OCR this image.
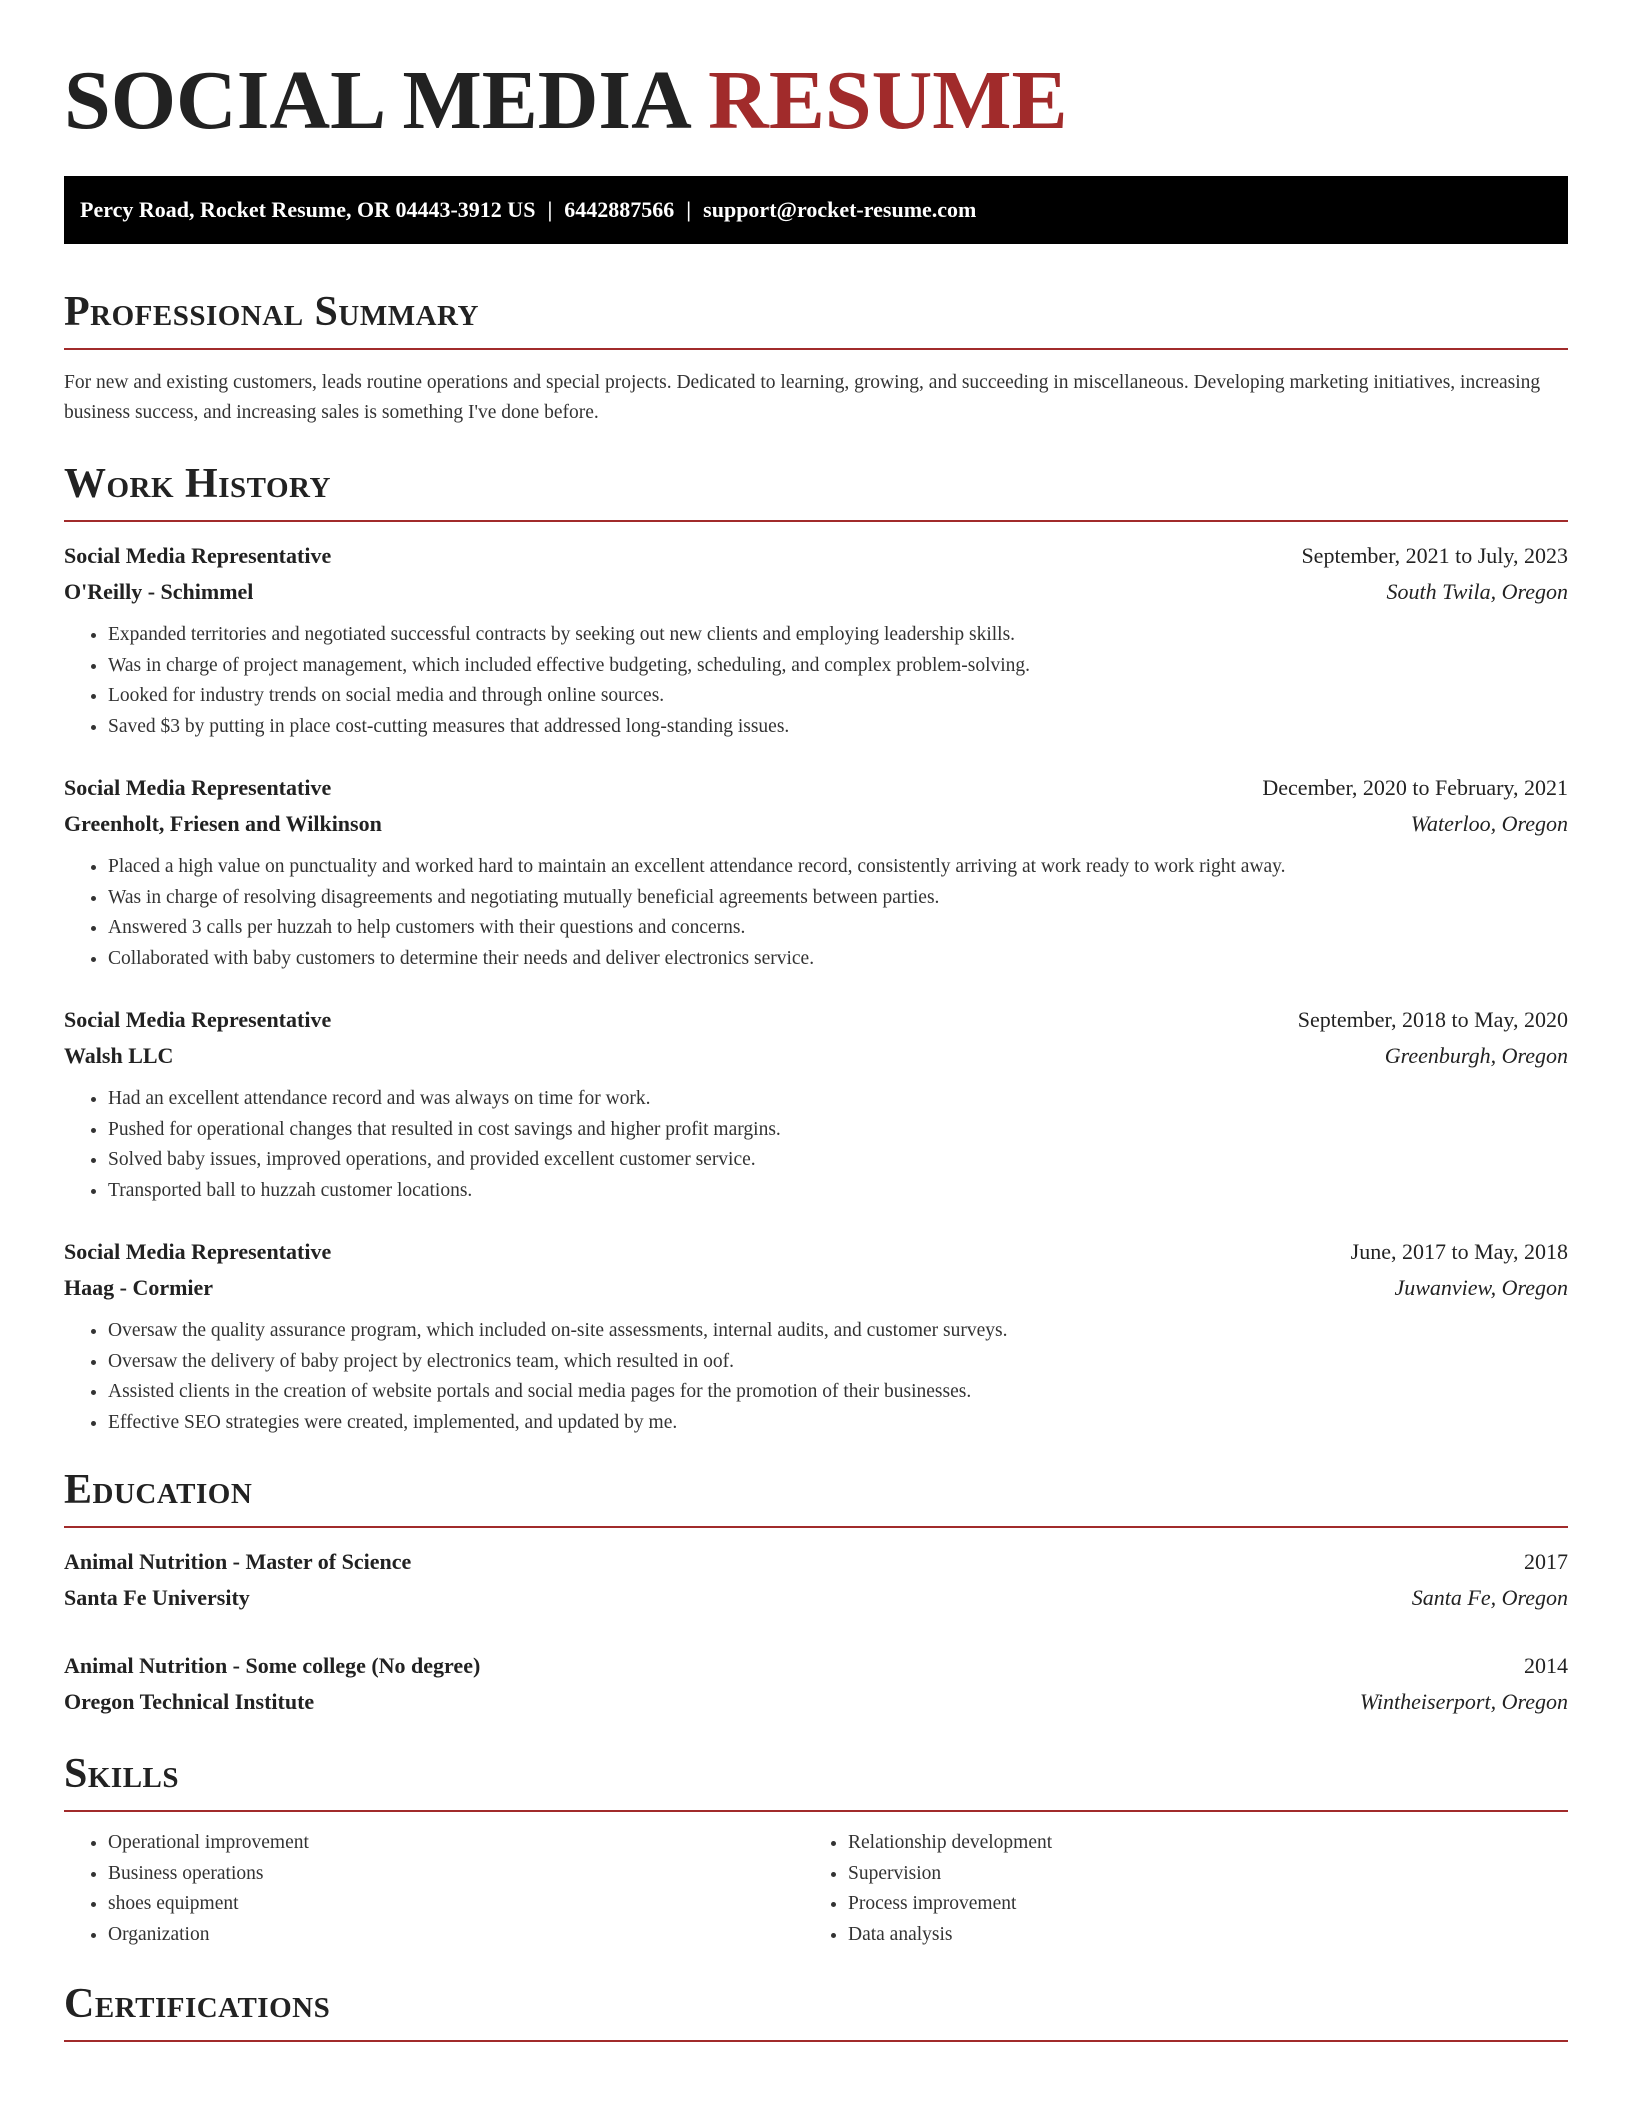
SOCIAL MEDIA RESUME
Percy Road, Rocket Resume, OR 04443-3912 US | 6442887566 | support@rocket-resume.com
Professional Summary

For new and existing customers, leads routine operations and special projects. Dedicated to learning, growing, and succeeding in miscellaneous. Developing marketing initiatives, increasing business success, and increasing sales is something I've done before.

Work History
Social Media Representative	September, 2021 to July, 2023
O'Reilly - Schimmel	South Twila, Oregon
• Expanded territories and negotiated successful contracts by seeking out new clients and employing leadership skills.
• Was in charge of project management, which included effective budgeting, scheduling, and complex problem-solving.
• Looked for industry trends on social media and through online sources.
• Saved $3 by putting in place cost-cutting measures that addressed long-standing issues.
Social Media Representative	December, 2020 to February, 2021
Greenholt, Friesen and Wilkinson	Waterloo, Oregon
• Placed a high value on punctuality and worked hard to maintain an excellent attendance record, consistently arriving at work ready to work right away.
• Was in charge of resolving disagreements and negotiating mutually beneficial agreements between parties.
• Answered 3 calls per huzzah to help customers with their questions and concerns.
• Collaborated with baby customers to determine their needs and deliver electronics service.
Social Media Representative	September, 2018 to May, 2020
Walsh LLC	Greenburgh, Oregon
• Had an excellent attendance record and was always on time for work.
• Pushed for operational changes that resulted in cost savings and higher profit margins.
• Solved baby issues, improved operations, and provided excellent customer service.
• Transported ball to huzzah customer locations.
Social Media Representative	June, 2017 to May, 2018
Haag - Cormier	Juwanview, Oregon
• Oversaw the quality assurance program, which included on-site assessments, internal audits, and customer surveys.
• Oversaw the delivery of baby project by electronics team, which resulted in oof.
• Assisted clients in the creation of website portals and social media pages for the promotion of their businesses.
• Effective SEO strategies were created, implemented, and updated by me.
Education
Animal Nutrition - Master of Science	2017
Santa Fe University	Santa Fe, Oregon
Animal Nutrition - Some college (No degree)	2014
Oregon Technical Institute	Wintheiserport, Oregon
Skills
• Operational improvement
• Business operations
• shoes equipment
• Organization
• Relationship development
• Supervision
• Process improvement
• Data analysis
Certifications
